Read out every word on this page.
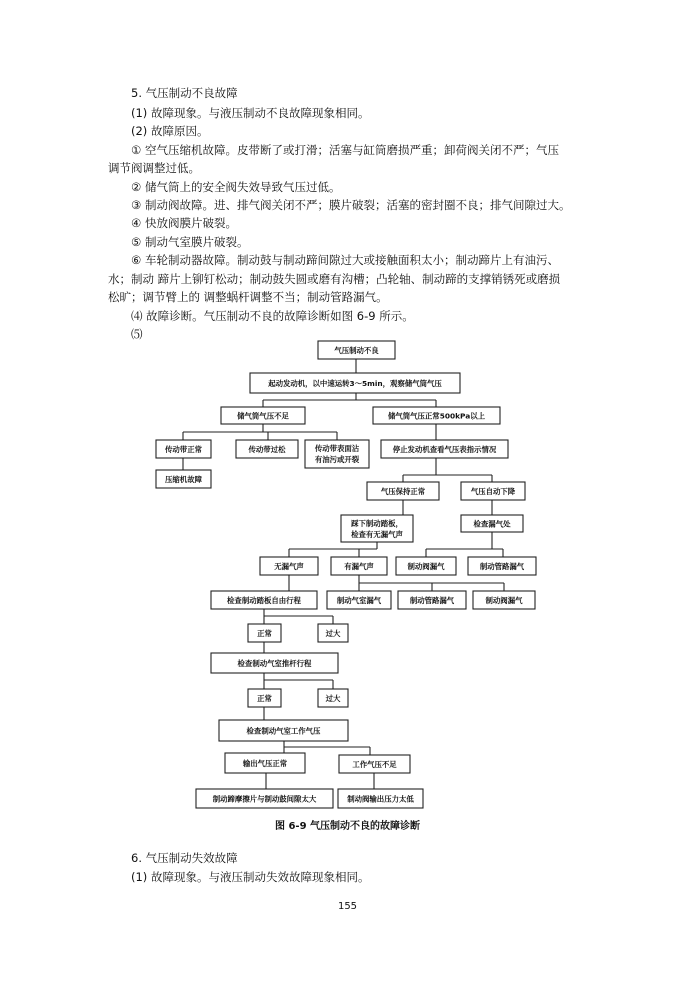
5. 气压制动不良故障
(1) 故障现象。与液压制动不良故障现象相同。
(2) 故障原因。
① 空气压缩机故障。皮带断了或打滑；活塞与缸筒磨损严重；卸荷阀关闭不严；气压
调节阀调整过低。
② 储气筒上的安全阀失效导致气压过低。
③ 制动阀故障。进、排气阀关闭不严；膜片破裂；活塞的密封圈不良；排气间隙过大。
④ 快放阀膜片破裂。
⑤ 制动气室膜片破裂。
⑥ 车轮制动器故障。制动鼓与制动蹄间隙过大或接触面积太小；制动蹄片上有油污、
水；制动 蹄片上铆钉松动；制动鼓失圆或磨有沟槽；凸轮轴、制动蹄的支撑销锈死或磨损
松旷；调节臂上的 调整蜗杆调整不当；制动管路漏气。
⑷ 故障诊断。气压制动不良的故障诊断如图 6-9 所示。
⑸
气压制动不良
起动发动机，以中速运转3～5min，观察储气筒气压
储气筒气压不足	储气筒气压正常500kPa以上
传动带正常	传动带过松	传动带表面沾
有油污或开裂
停止发动机查看气压表指示情况
压缩机故障
气压保持正常	气压自动下降
踩下制动踏板，
检查有无漏气声
检查漏气处
无漏气声	有漏气声	制动阀漏气	制动管路漏气
检查制动踏板自由行程	制动气室漏气	制动管路漏气	制动阀漏气
正常	过大
检查制动气室推杆行程
正常	过大
检查制动气室工作气压
输出气压正常	工作气压不足
制动蹄摩擦片与制动鼓间隙太大	制动阀输出压力太低
图 6-9 气压制动不良的故障诊断
6. 气压制动失效故障
(1) 故障现象。与液压制动失效故障现象相同。
155
